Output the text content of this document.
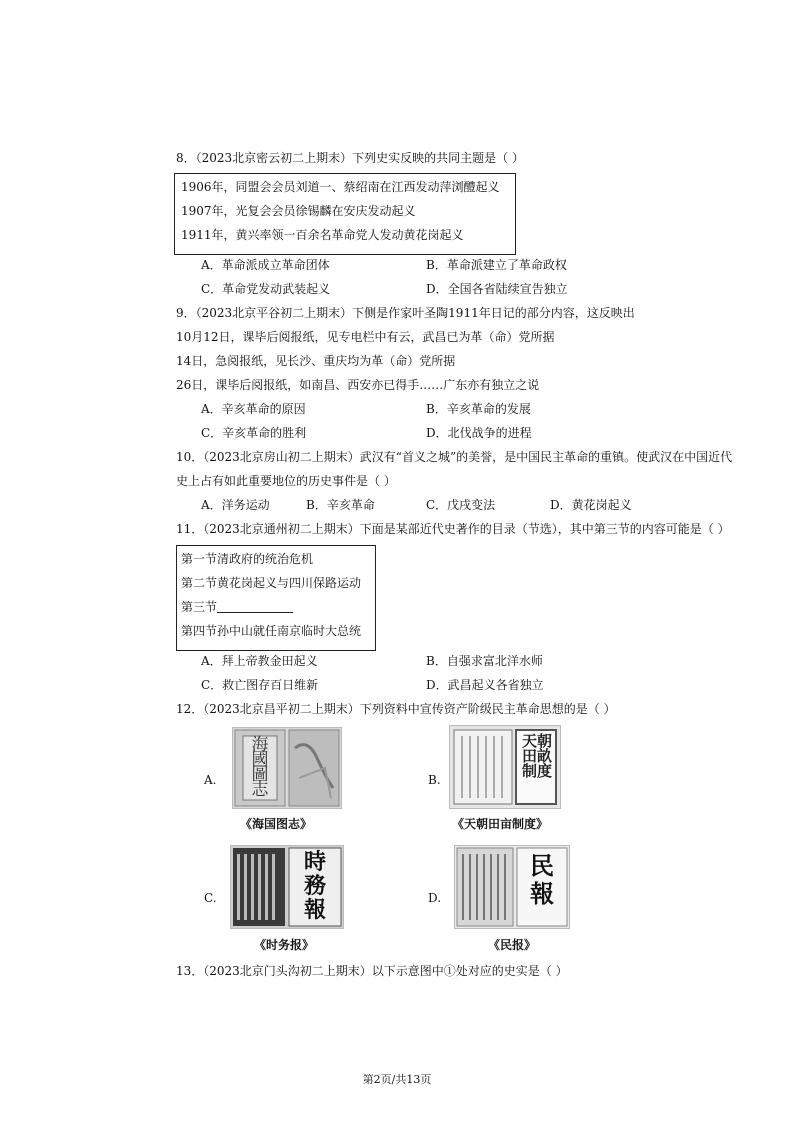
8．（2023北京密云初二上期末）下列史实反映的共同主题是（ ）
1906年，同盟会会员刘道一、蔡绍南在江西发动萍浏醴起义
1907年，光复会会员徐锡麟在安庆发动起义
1911年，黄兴率领一百余名革命党人发动黄花岗起义
A．革命派成立革命团体	B．革命派建立了革命政权
C．革命党发动武装起义	D．全国各省陆续宣告独立
9．（2023北京平谷初二上期末）下侧是作家叶圣陶1911年日记的部分内容，这反映出
10月12日，课毕后阅报纸，见专电栏中有云，武昌已为革（命）党所据
14日，急阅报纸，见长沙、重庆均为革（命）党所据
26日，课毕后阅报纸，如南昌、西安亦已得手……广东亦有独立之说
A．辛亥革命的原因	B．辛亥革命的发展
C．辛亥革命的胜利	D．北伐战争的进程
10．（2023北京房山初二上期末）武汉有“首义之城”的美誉，是中国民主革命的重镇。使武汉在中国近代
史上占有如此重要地位的历史事件是（ ）
A．洋务运动	B．辛亥革命	C．戊戌变法	D．黄花岗起义
11．（2023北京通州初二上期末）下面是某部近代史著作的目录（节选），其中第三节的内容可能是（ ）
第一节清政府的统治危机
第二节黄花岗起义与四川保路运动
第三节
第四节孙中山就任南京临时大总统
A．拜上帝教金田起义	B．自强求富北洋水师
C．救亡图存百日维新	D．武昌起义各省独立
12．（2023北京昌平初二上期末）下列资料中宣传资产阶级民主革命思想的是（ ）
A.
海國圖志
《海国图志》
B.
天朝田畝制度
《天朝田亩制度》
C.
時務報
《时务报》
D.
民報
《民报》
13．（2023北京门头沟初二上期末）以下示意图中①处对应的史实是（ ）
第2页/共13页
